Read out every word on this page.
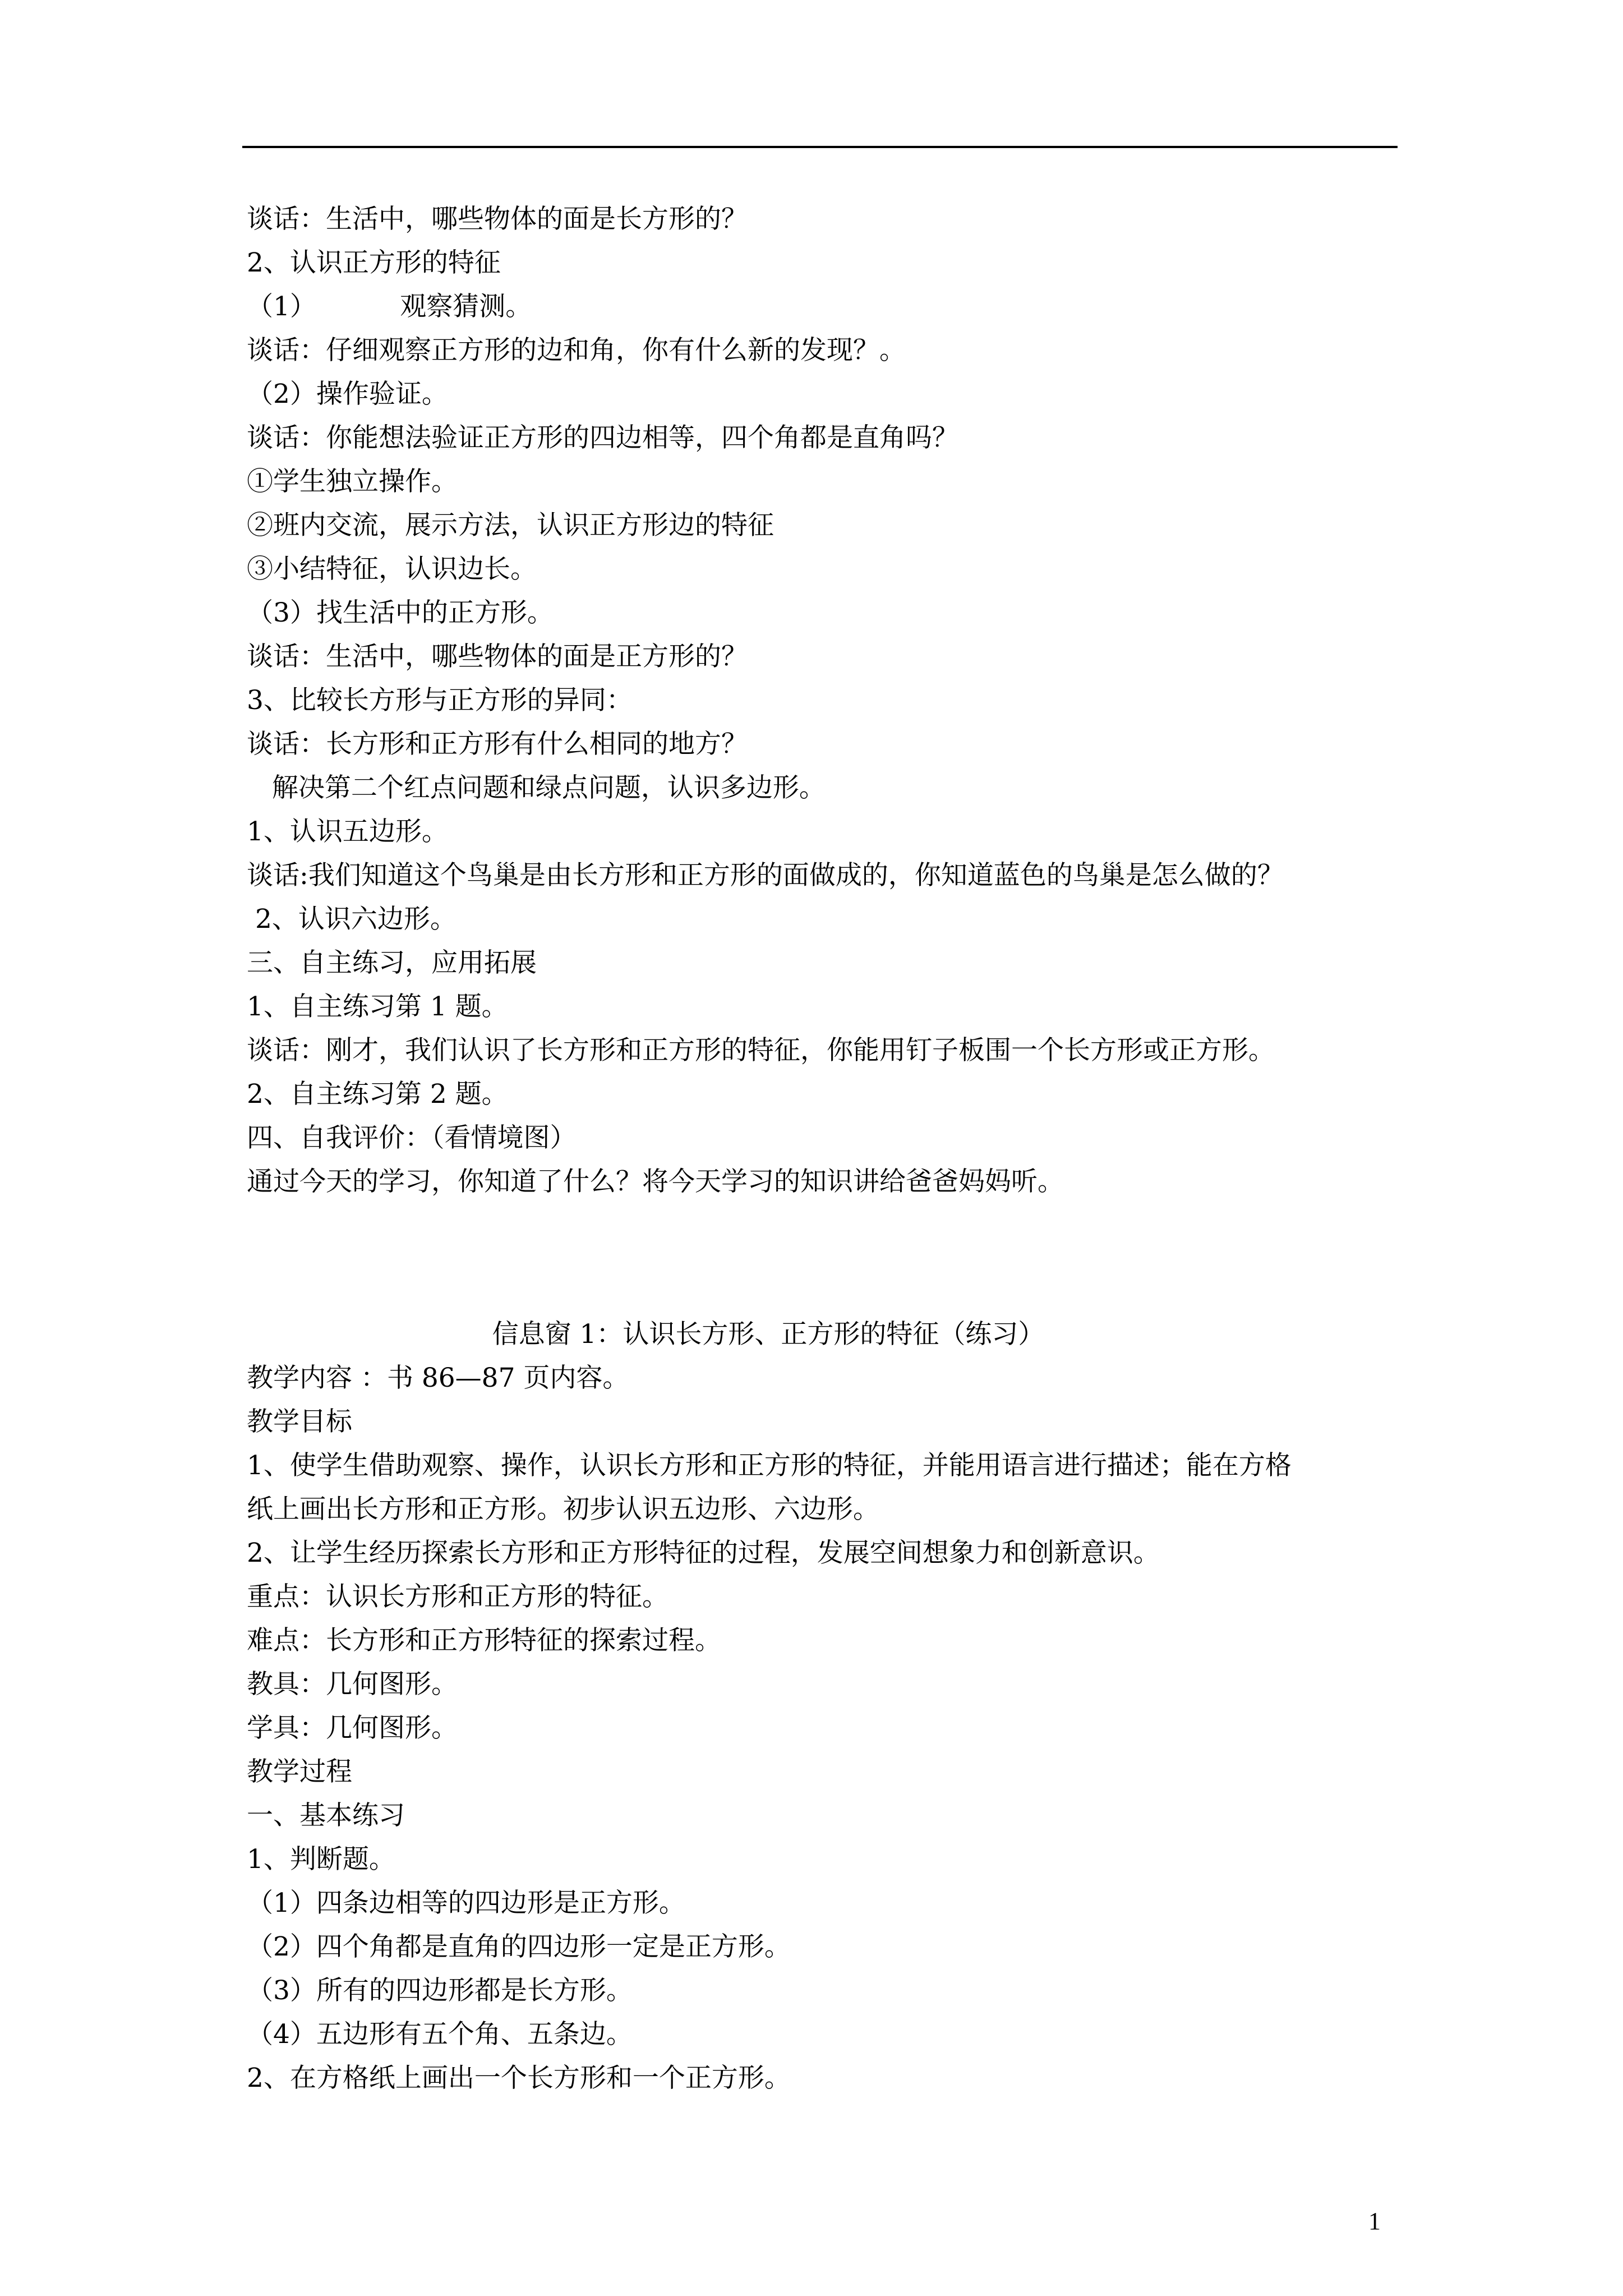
谈话：生活中，哪些物体的面是长方形的？
2、认识正方形的特征
（1）          观察猜测。
谈话：仔细观察正方形的边和角，你有什么新的发现？。
（2）操作验证。
谈话：你能想法验证正方形的四边相等，四个角都是直角吗？
①学生独立操作。
②班内交流，展示方法，认识正方形边的特征
③小结特征，认识边长。
（3）找生活中的正方形。
谈话：生活中，哪些物体的面是正方形的？
3、比较长方形与正方形的异同：
谈话：长方形和正方形有什么相同的地方？
解决第二个红点问题和绿点问题，认识多边形。
1、认识五边形。
谈话:我们知道这个鸟巢是由长方形和正方形的面做成的，你知道蓝色的鸟巢是怎么做的？
2、认识六边形。
三、自主练习，应用拓展
1、自主练习第 1 题。
谈话：刚才，我们认识了长方形和正方形的特征，你能用钉子板围一个长方形或正方形。
2、自主练习第 2 题。
四、自我评价：（看情境图）
通过今天的学习，你知道了什么？将今天学习的知识讲给爸爸妈妈听。
信息窗 1：认识长方形、正方形的特征（练习）
教学内容 ：书 86—87 页内容。
教学目标
1、使学生借助观察、操作，认识长方形和正方形的特征，并能用语言进行描述；能在方格
纸上画出长方形和正方形。初步认识五边形、六边形。
2、让学生经历探索长方形和正方形特征的过程，发展空间想象力和创新意识。
重点：认识长方形和正方形的特征。
难点：长方形和正方形特征的探索过程。
教具：几何图形。
学具：几何图形。
教学过程
一、基本练习
1、判断题。
（1）四条边相等的四边形是正方形。
（2）四个角都是直角的四边形一定是正方形。
（3）所有的四边形都是长方形。
（4）五边形有五个角、五条边。
2、在方格纸上画出一个长方形和一个正方形。
1
